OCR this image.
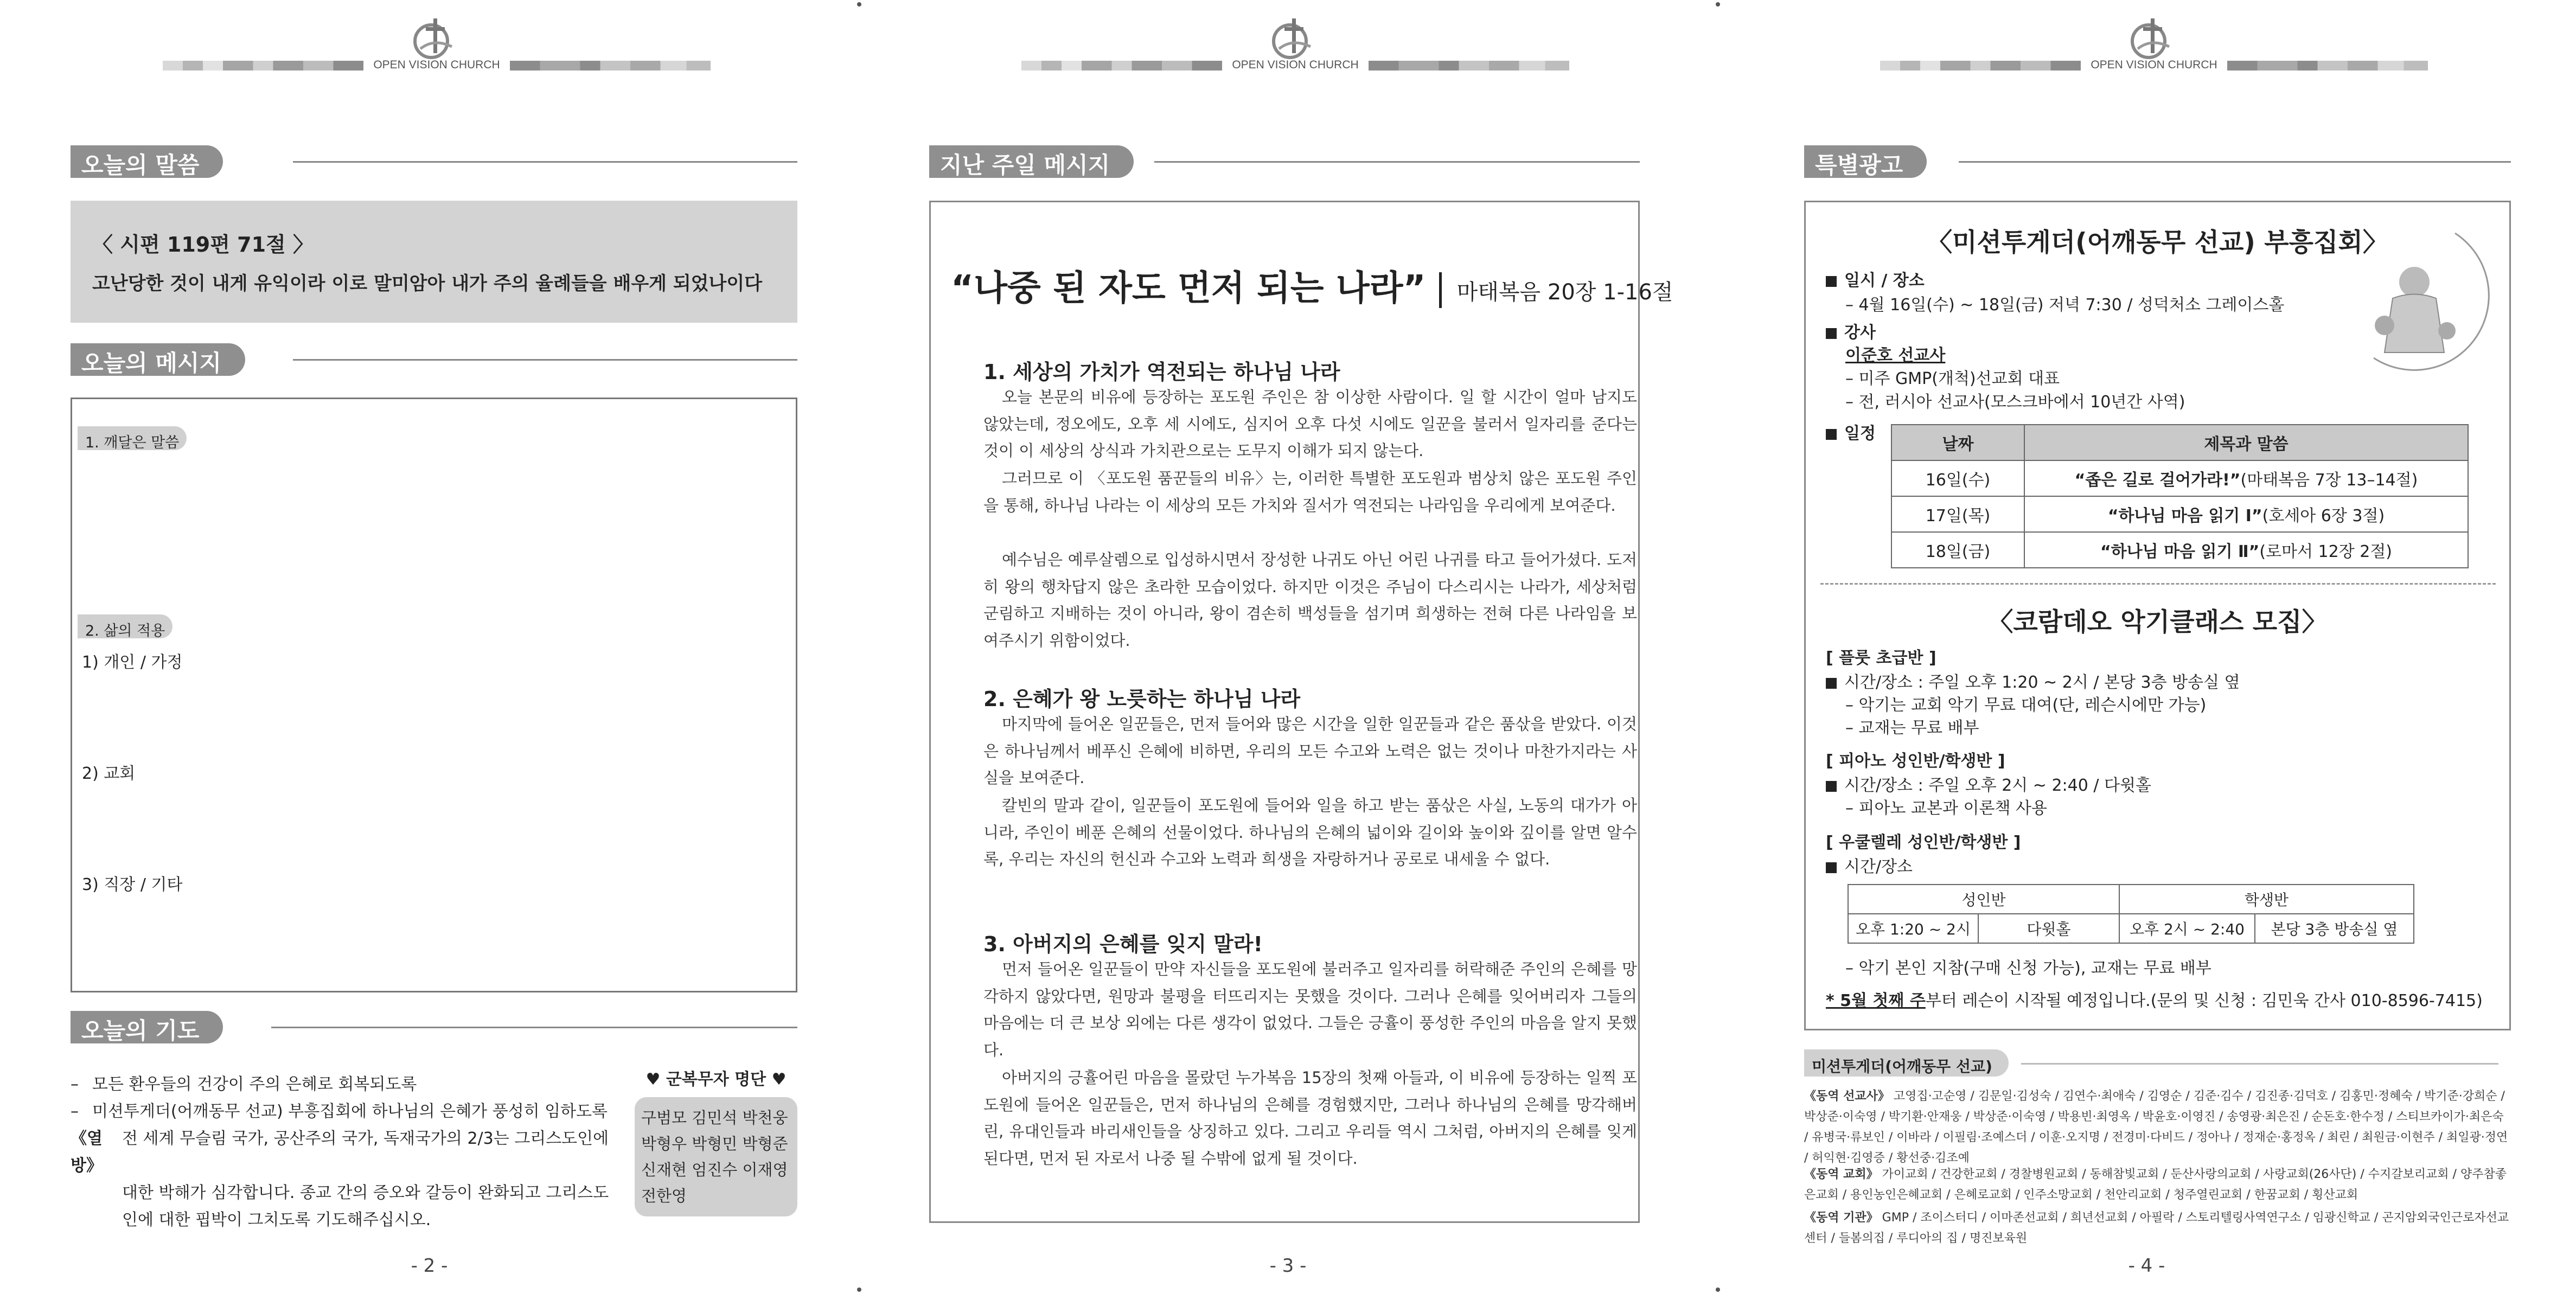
OPEN VISION CHURCH
오늘의 말씀
〈 시편 119편 71절 〉
고난당한 것이 내게 유익이라 이로 말미암아 내가 주의 율례들을 배우게 되었나이다
오늘의 메시지
1. 깨달은 말씀
2. 삶의 적용
1) 개인 / 가정
2) 교회
3) 직장 / 기타
오늘의 기도
– 모든 환우들의 건강이 주의 은혜로 회복되도록
– 미션투게더(어깨동무 선교) 부흥집회에 하나님의 은혜가 풍성히 임하도록
《열방》
전 세계 무슬림 국가, 공산주의 국가, 독재국가의 2/3는 그리스도인에
대한 박해가 심각합니다. 종교 간의 증오와 갈등이 완화되고 그리스도
인에 대한 핍박이 그치도록 기도해주십시오.
♥ 군복무자 명단 ♥
구범모 김민석 박천웅
박형우 박형민 박형준
신재현 엄진수 이재영
전한영
- 2 -
OPEN VISION CHURCH
지난 주일 메시지
“나중 된 자도 먼저 되는 나라” 마태복음 20장 1-16절
1. 세상의 가치가 역전되는 하나님 나라
오늘 본문의 비유에 등장하는 포도원 주인은 참 이상한 사람이다. 일 할 시간이 얼마 남지도 않았는데, 정오에도, 오후 세 시에도, 심지어 오후 다섯 시에도 일꾼을 불러서 일자리를 준다는 것이 이 세상의 상식과 가치관으로는 도무지 이해가 되지 않는다.
그러므로 이 〈포도원 품꾼들의 비유〉는, 이러한 특별한 포도원과 범상치 않은 포도원 주인을 통해, 하나님 나라는 이 세상의 모든 가치와 질서가 역전되는 나라임을 우리에게 보여준다.
예수님은 예루살렘으로 입성하시면서 장성한 나귀도 아닌 어린 나귀를 타고 들어가셨다. 도저히 왕의 행차답지 않은 초라한 모습이었다. 하지만 이것은 주님이 다스리시는 나라가, 세상처럼 군림하고 지배하는 것이 아니라, 왕이 겸손히 백성들을 섬기며 희생하는 전혀 다른 나라임을 보여주시기 위함이었다.
2. 은혜가 왕 노릇하는 하나님 나라
마지막에 들어온 일꾼들은, 먼저 들어와 많은 시간을 일한 일꾼들과 같은 품삯을 받았다. 이것은 하나님께서 베푸신 은혜에 비하면, 우리의 모든 수고와 노력은 없는 것이나 마찬가지라는 사실을 보여준다.
칼빈의 말과 같이, 일꾼들이 포도원에 들어와 일을 하고 받는 품삯은 사실, 노동의 대가가 아니라, 주인이 베푼 은혜의 선물이었다. 하나님의 은혜의 넓이와 길이와 높이와 깊이를 알면 알수록, 우리는 자신의 헌신과 수고와 노력과 희생을 자랑하거나 공로로 내세울 수 없다.
3. 아버지의 은혜를 잊지 말라!
먼저 들어온 일꾼들이 만약 자신들을 포도원에 불러주고 일자리를 허락해준 주인의 은혜를 망각하지 않았다면, 원망과 불평을 터뜨리지는 못했을 것이다. 그러나 은혜를 잊어버리자 그들의 마음에는 더 큰 보상 외에는 다른 생각이 없었다. 그들은 긍휼이 풍성한 주인의 마음을 알지 못했다.
아버지의 긍휼어린 마음을 몰랐던 누가복음 15장의 첫째 아들과, 이 비유에 등장하는 일찍 포도원에 들어온 일꾼들은, 먼저 하나님의 은혜를 경험했지만, 그러나 하나님의 은혜를 망각해버린, 유대인들과 바리새인들을 상징하고 있다. 그리고 우리들 역시 그처럼, 아버지의 은혜를 잊게 된다면, 먼저 된 자로서 나중 될 수밖에 없게 될 것이다.
- 3 -
OPEN VISION CHURCH
특별광고
〈미션투게더(어깨동무 선교) 부흥집회〉
일시 / 장소
– 4월 16일(수) ~ 18일(금) 저녁 7:30 / 성덕처소 그레이스홀
강사
이준호 선교사
– 미주 GMP(개척)선교회 대표
– 전, 러시아 선교사(모스크바에서 10년간 사역)
일정
날짜	제목과 말씀
16일(수)	“좁은 길로 걸어가라!”(마태복음 7장 13–14절)
17일(목)	“하나님 마음 읽기 Ⅰ”(호세아 6장 3절)
18일(금)	“하나님 마음 읽기 Ⅱ”(로마서 12장 2절)
〈코람데오 악기클래스 모집〉
[ 플룻 초급반 ]
시간/장소 : 주일 오후 1:20 ~ 2시 / 본당 3층 방송실 옆
– 악기는 교회 악기 무료 대여(단, 레슨시에만 가능)
– 교재는 무료 배부
[ 피아노 성인반/학생반 ]
시간/장소 : 주일 오후 2시 ~ 2:40 / 다윗홀
– 피아노 교본과 이론책 사용
[ 우쿨렐레 성인반/학생반 ]
시간/장소
성인반		학생반	
오후 1:20 ~ 2시	다윗홀	오후 2시 ~ 2:40	본당 3층 방송실 옆
– 악기 본인 지참(구매 신청 가능), 교재는 무료 배부
* 5월 첫째 주부터 레슨이 시작될 예정입니다.(문의 및 신청 : 김민욱 간사 010-8596-7415)
미션투게더(어깨동무 선교)
《동역 선교사》 고영집·고순영 / 김문일·김성숙 / 김연수·최애숙 / 김영순 / 김준·김수 / 김진종·김덕호 / 김홍민·정혜숙 / 박기준·강희순 / 박상준·이숙영 / 박기환·안재웅 / 박상준·이숙영 / 박용빈·최영옥 / 박윤호·이영진 / 송영광·최은진 / 순돈호·한수정 / 스티브카이가·최은숙 / 유병국·류보인 / 이바라 / 이필림·조예스더 / 이훈·오지명 / 전경미·다비드 / 정아나 / 정재순·홍정옥 / 최린 / 최원금·이현주 / 최일광·정연 / 허익현·김영증 / 황선중·김조예
《동역 교회》 가이교회 / 건강한교회 / 경찰병원교회 / 동해참빛교회 / 둔산사랑의교회 / 사랑교회(26사단) / 수지갈보리교회 / 양주참좋은교회 / 용인농인은혜교회 / 은혜로교회 / 인주소망교회 / 천안리교회 / 청주열린교회 / 한꿈교회 / 횡산교회
《동역 기관》 GMP / 조이스터디 / 이마존선교회 / 희년선교회 / 아필락 / 스토리텔링사역연구소 / 임광신학교 / 곤지암외국인근로자선교센터 / 들봄의집 / 루디아의 집 / 명진보육원
- 4 -
